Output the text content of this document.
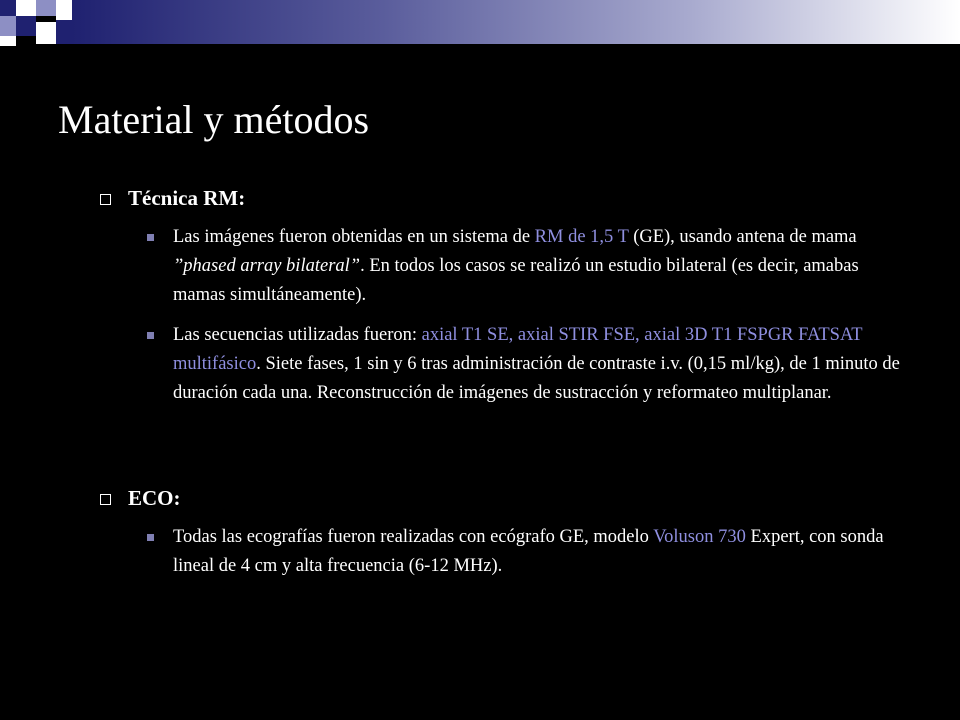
Material y métodos
Técnica RM:
Las imágenes fueron obtenidas en un sistema de RM de 1,5 T (GE), usando antena de mama ”phased array bilateral”. En todos los casos se realizó un estudio bilateral (es decir, amabas mamas simultáneamente).
Las secuencias utilizadas fueron: axial T1 SE, axial STIR FSE, axial 3D T1 FSPGR FATSAT multifásico. Siete fases, 1 sin y 6 tras administración de contraste i.v. (0,15 ml/kg), de 1 minuto de duración cada una. Reconstrucción de imágenes de sustracción y reformateo multiplanar.
ECO:
Todas las ecografías fueron realizadas con ecógrafo GE, modelo Voluson 730 Expert, con sonda lineal de 4 cm y alta frecuencia (6-12 MHz).
